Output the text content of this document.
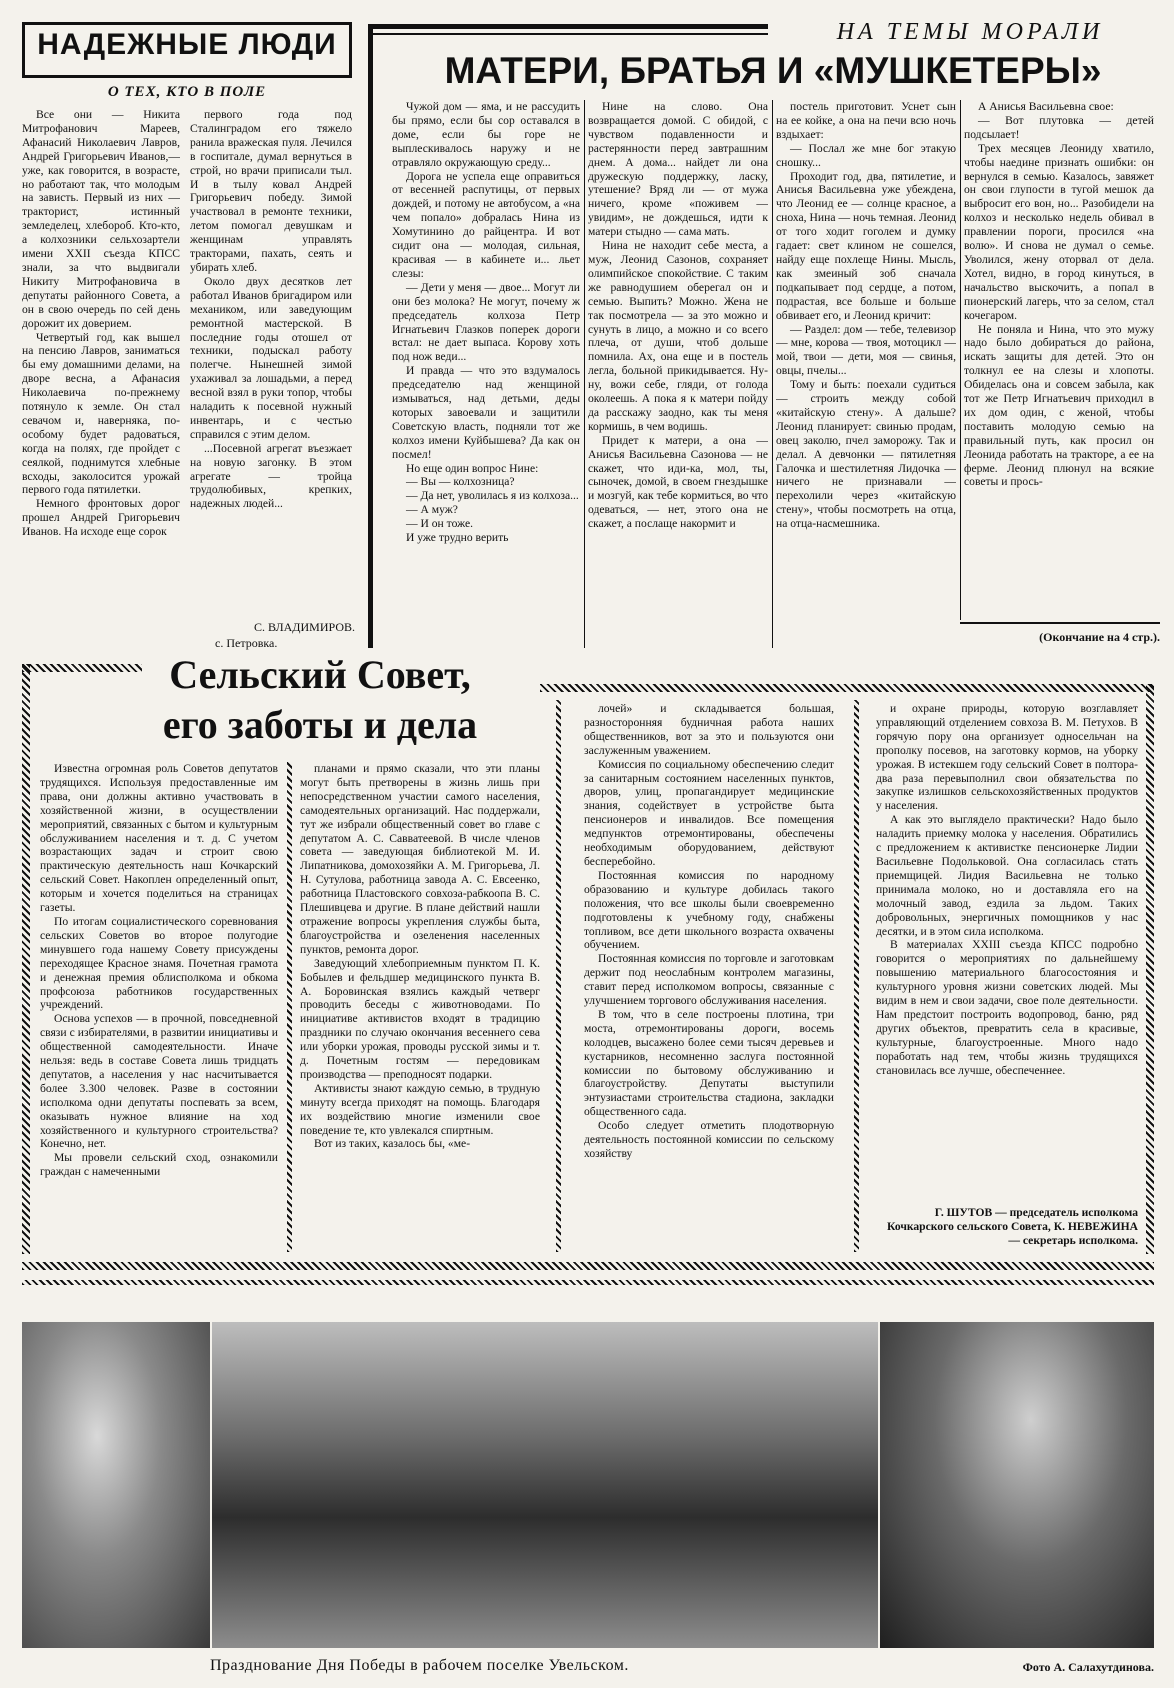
НАДЕЖНЫЕ ЛЮДИ
О ТЕХ, КТО В ПОЛЕ

Все они — Никита Митрофанович Мареев, Афанасий Николаевич Лавров, Андрей Григорьевич Иванов,— уже, как говорится, в возрасте, но работают так, что молодым на зависть. Первый из них — тракторист, истинный земледелец, хлебороб. Кто-кто, а колхозники сельхозартели имени XXII съезда КПСС знали, за что выдвигали Никиту Митрофановича в депутаты районного Совета, а он в свою очередь по сей день дорожит их доверием.

Четвертый год, как вышел на пенсию Лавров, заниматься бы ему домашними делами, на дворе весна, а Афанасия Николаевича по-прежнему потянуло к земле. Он стал севачом и, наверняка, по-особому будет радоваться, когда на полях, где пройдет с сеялкой, поднимутся хлебные всходы, заколосится урожай первого года пятилетки.

Немного фронтовых дорог прошел Андрей Григорьевич Иванов. На исходе еще сорок

первого года под Сталинградом его тяжело ранила вражеская пуля. Лечился в госпитале, думал вернуться в строй, но врачи приписали тыл. И в тылу ковал Андрей Григорьевич победу. Зимой участвовал в ремонте техники, летом помогал девушкам и женщинам управлять тракторами, пахать, сеять и убирать хлеб.

Около двух десятков лет работал Иванов бригадиром или механиком, или заведующим ремонтной мастерской. В последние годы отошел от техники, подыскал работу полегче. Нынешней зимой ухаживал за лошадьми, а перед весной взял в руки топор, чтобы наладить к посевной нужный инвентарь, и с честью справился с этим делом.

...Посевной агрегат въезжает на новую загонку. В этом агрегате — тройца трудолюбивых, крепких, надежных людей...

С. ВЛАДИМИРОВ.
с. Петровка.
НА ТЕМЫ МОРАЛИ
МАТЕРИ, БРАТЬЯ И «МУШКЕТЕРЫ»

Чужой дом — яма, и не рассудить бы прямо, если бы сор оставался в доме, если бы горе не выплескивалось наружу и не отравляло окружающую среду...

Дорога не успела еще оправиться от весенней распутицы, от первых дождей, и потому не автобусом, а «на чем попало» добралась Нина из Хомутинино до райцентра. И вот сидит она — молодая, сильная, красивая — в кабинете и... льет слезы:

— Дети у меня — двое... Могут ли они без молока? Не могут, почему ж председатель колхоза Петр Игнатьевич Глазков поперек дороги встал: не дает выпаса. Корову хоть под нож веди...

И правда — что это вздумалось председателю над женщиной измываться, над детьми, деды которых завоевали и защитили Советскую власть, подняли тот же колхоз имени Куйбышева? Да как он посмел!

Но еще один вопрос Нине:

— Вы — колхозница?

— Да нет, уволилась я из колхоза...

— А муж?

— И он тоже.

И уже трудно верить

Нине на слово. Она возвращается домой. С обидой, с чувством подавленности и растерянности перед завтрашним днем. А дома... найдет ли она дружескую поддержку, ласку, утешение? Вряд ли — от мужа ничего, кроме «поживем — увидим», не дождешься, идти к матери стыдно — сама мать.

Нина не находит себе места, а муж, Леонид Сазонов, сохраняет олимпийское спокойствие. С таким же равнодушием оберегал он и семью. Выпить? Можно. Жена не так посмотрела — за это можно и сунуть в лицо, а можно и со всего плеча, от души, чтоб дольше помнила. Ах, она еще и в постель легла, больной прикидывается. Ну-ну, вожи себе, гляди, от голода околеешь. А пока я к матери пойду да расскажу заодно, как ты меня кормишь, в чем водишь.

Придет к матери, а она — Анисья Васильевна Сазонова — не скажет, что иди-ка, мол, ты, сыночек, домой, в своем гнездышке и мозгуй, как тебе кормиться, во что одеваться, — нет, этого она не скажет, а послаще накормит и

постель приготовит. Уснет сын на ее койке, а она на печи всю ночь вздыхает:

— Послал же мне бог этакую сношку...

Проходит год, два, пятилетие, и Анисья Васильевна уже убеждена, что Леонид ее — солнце красное, а сноха, Нина — ночь темная. Леонид от того ходит гоголем и думку гадает: свет клином не сошелся, найду еще похлеще Нины. Мысль, как змеиный зоб сначала подкапывает под сердце, а потом, подрастая, все больше и больше обвивает его, и Леонид кричит:

— Раздел: дом — тебе, телевизор — мне, корова — твоя, мотоцикл — мой, твои — дети, моя — свинья, овцы, пчелы...

Тому и быть: поехали судиться — строить между собой «китайскую стену». А дальше? Леонид планирует: свинью продам, овец заколю, пчел заморожу. Так и делал. А девчонки — пятилетняя Галочка и шестилетняя Лидочка — ничего не признавали — перехолили через «китайскую стену», чтобы посмотреть на отца, на отца-насмешника.

А Анисья Васильевна свое:

— Вот плутовка — детей подсылает!

Трех месяцев Леониду хватило, чтобы наедине признать ошибки: он вернулся в семью. Казалось, завяжет он свои глупости в тугой мешок да выбросит его вон, но... Разобидели на колхоз и несколько недель обивал в правлении пороги, просился «на волю». И снова не думал о семье. Уволился, жену оторвал от дела. Хотел, видно, в город кинуться, в начальство выскочить, а попал в пионерский лагерь, что за селом, стал кочегаром.

Не поняла и Нина, что это мужу надо было добираться до района, искать защиты для детей. Это он толкнул ее на слезы и хлопоты. Обиделась она и совсем забыла, как тот же Петр Игнатьевич приходил в их дом один, с женой, чтобы поставить молодую семью на правильный путь, как просил он Леонида работать на тракторе, а ее на ферме. Леонид плюнул на всякие советы и прось-

(Окончание на 4 стр.).
Сельский Совет,
его заботы и дела

Известна огромная роль Советов депутатов трудящихся. Используя предоставленные им права, они должны активно участвовать в хозяйственной жизни, в осуществлении мероприятий, связанных с бытом и культурным обслуживанием населения и т. д. С учетом возрастающих задач и строит свою практическую деятельность наш Кочкарский сельский Совет. Накоплен определенный опыт, которым и хочется поделиться на страницах газеты.

По итогам социалистического соревнования сельских Советов во второе полугодие минувшего года нашему Совету присуждены переходящее Красное знамя. Почетная грамота и денежная премия облисполкома и обкома профсоюза работников государственных учреждений.

Основа успехов — в прочной, повседневной связи с избирателями, в развитии инициативы и общественной самодеятельности. Иначе нельзя: ведь в составе Совета лишь тридцать депутатов, а населения у нас насчитывается более 3.300 человек. Разве в состоянии исполкома одни депутаты поспевать за всем, оказывать нужное влияние на ход хозяйственного и культурного строительства? Конечно, нет.

Мы провели сельский сход, ознакомили граждан с намеченными

планами и прямо сказали, что эти планы могут быть претворены в жизнь лишь при непосредственном участии самого населения, самодеятельных организаций. Нас поддержали, тут же избрали общественный совет во главе с депутатом А. С. Савватеевой. В числе членов совета — заведующая библиотекой М. И. Липатникова, домохозяйки А. М. Григорьева, Л. Н. Сутулова, работница завода А. С. Евсеенко, работница Пластовского совхоза-рабкоопа В. С. Плешивцева и другие. В плане действий нашли отражение вопросы укрепления службы быта, благоустройства и озеленения населенных пунктов, ремонта дорог.

Заведующий хлебоприемным пунктом П. К. Бобылев и фельдшер медицинского пункта В. А. Боровинская взялись каждый четверг проводить беседы с животноводами. По инициативе активистов входят в традицию праздники по случаю окончания весеннего сева или уборки урожая, проводы русской зимы и т. д. Почетным гостям — передовикам производства — преподносят подарки.

Активисты знают каждую семью, в трудную минуту всегда приходят на помощь. Благодаря их воздействию многие изменили свое поведение те, кто увлекался спиртным.

Вот из таких, казалось бы, «ме-

лочей» и складывается большая, разносторонняя будничная работа наших общественников, вот за это и пользуются они заслуженным уважением.

Комиссия по социальному обеспечению следит за санитарным состоянием населенных пунктов, дворов, улиц, пропагандирует медицинские знания, содействует в устройстве быта пенсионеров и инвалидов. Все помещения медпунктов отремонтированы, обеспечены необходимым оборудованием, действуют бесперебойно.

Постоянная комиссия по народному образованию и культуре добилась такого положения, что все школы были своевременно подготовлены к учебному году, снабжены топливом, все дети школьного возраста охвачены обучением.

Постоянная комиссия по торговле и заготовкам держит под неослабным контролем магазины, ставит перед исполкомом вопросы, связанные с улучшением торгового обслуживания населения.

В том, что в селе построены плотина, три моста, отремонтированы дороги, восемь колодцев, высажено более семи тысяч деревьев и кустарников, несомненно заслуга постоянной комиссии по бытовому обслуживанию и благоустройству. Депутаты выступили энтузиастами строительства стадиона, закладки общественного сада.

Особо следует отметить плодотворную деятельность постоянной комиссии по сельскому хозяйству

и охране природы, которую возглавляет управляющий отделением совхоза В. М. Петухов. В горячую пору она организует односельчан на прополку посевов, на заготовку кормов, на уборку урожая. В истекшем году сельский Совет в полтора-два раза перевыполнил свои обязательства по закупке излишков сельскохозяйственных продуктов у населения.

А как это выглядело практически? Надо было наладить приемку молока у населения. Обратились с предложением к активистке пенсионерке Лидии Васильевне Подольковой. Она согласилась стать приемщицей. Лидия Васильевна не только принимала молоко, но и доставляла его на молочный завод, ездила за льдом. Таких добровольных, энергичных помощников у нас десятки, и в этом сила исполкома.

В материалах XXIII съезда КПСС подробно говорится о мероприятиях по дальнейшему повышению материального благосостояния и культурного уровня жизни советских людей. Мы видим в нем и свои задачи, свое поле деятельности. Нам предстоит построить водопровод, баню, ряд других объектов, превратить села в красивые, культурные, благоустроенные. Много надо поработать над тем, чтобы жизнь трудящихся становилась все лучше, обеспеченнее.

Г. ШУТОВ — председатель исполкома Кочкарского сельского Совета, К. НЕВЕЖИНА — секретарь исполкома.
Празднование Дня Победы в рабочем поселке Увельском.	Фото А. Салахутдинова.
